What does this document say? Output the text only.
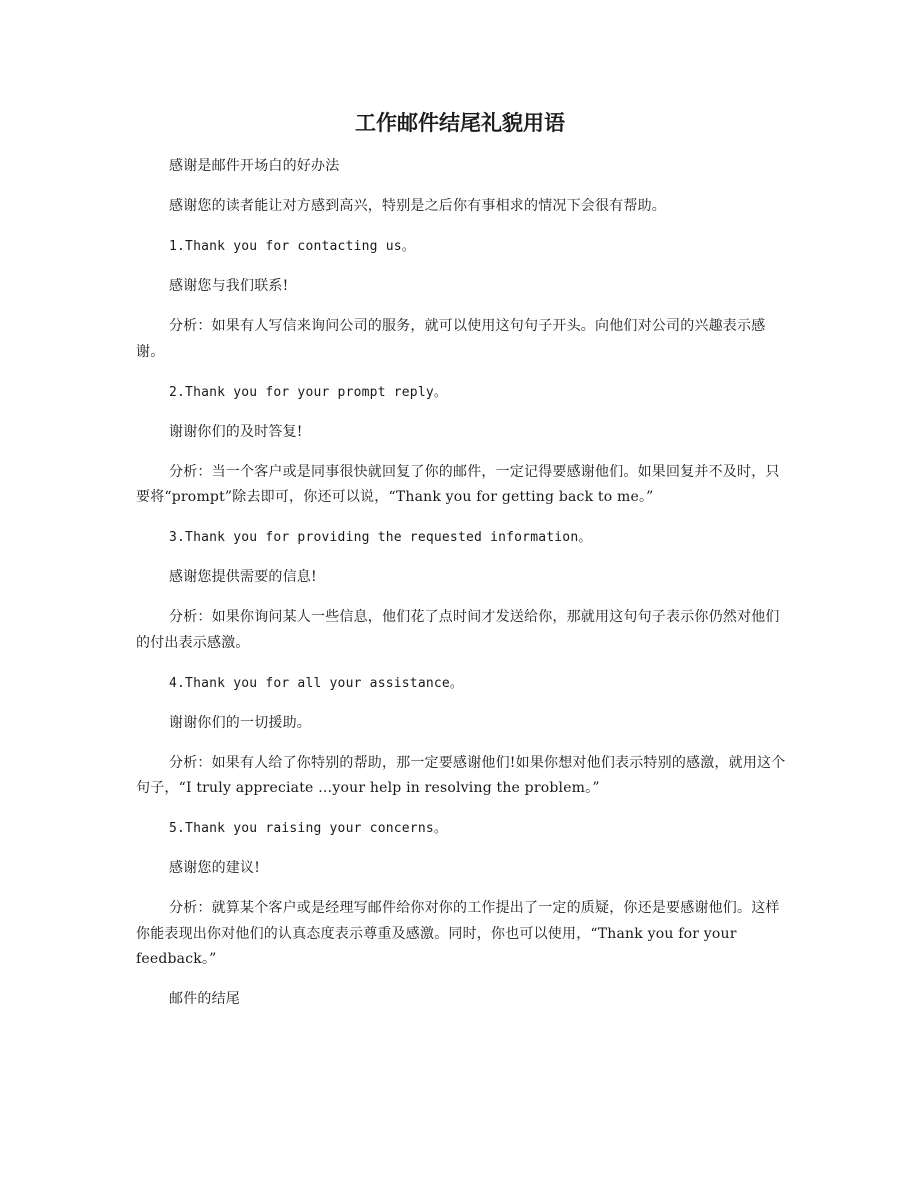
工作邮件结尾礼貌用语

感谢是邮件开场白的好办法

感谢您的读者能让对方感到高兴，特别是之后你有事相求的情况下会很有帮助。

1.Thank you for contacting us。

感谢您与我们联系!

分析：如果有人写信来询问公司的服务，就可以使用这句句子开头。向他们对公司的兴趣表示感谢。

2.Thank you for your prompt reply。

谢谢你们的及时答复!

分析：当一个客户或是同事很快就回复了你的邮件，一定记得要感谢他们。如果回复并不及时，只要将“prompt”除去即可，你还可以说，“Thank you for getting back to me。”

3.Thank you for providing the requested information。

感谢您提供需要的信息!

分析：如果你询问某人一些信息，他们花了点时间才发送给你，那就用这句句子表示你仍然对他们的付出表示感激。

4.Thank you for all your assistance。

谢谢你们的一切援助。

分析：如果有人给了你特别的帮助，那一定要感谢他们!如果你想对他们表示特别的感激，就用这个句子，“I truly appreciate …your help in resolving the problem。”

5.Thank you raising your concerns。

感谢您的建议!

分析：就算某个客户或是经理写邮件给你对你的工作提出了一定的质疑，你还是要感谢他们。这样你能表现出你对他们的认真态度表示尊重及感激。同时，你也可以使用，“Thank you for your feedback。”

邮件的结尾
